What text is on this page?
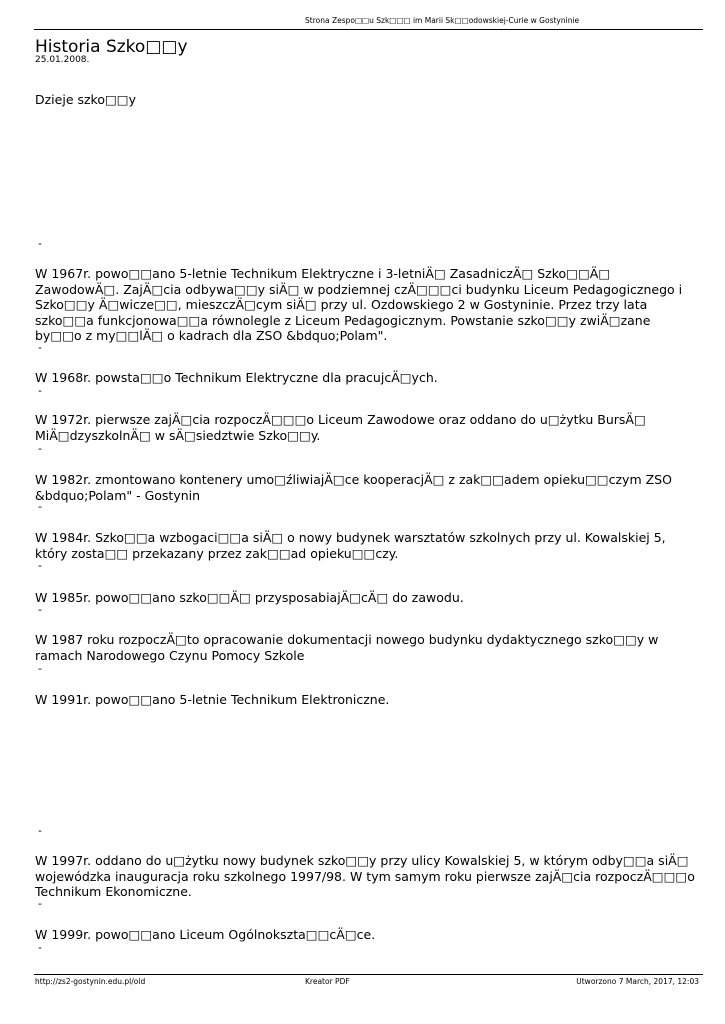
Strona Zespo□□u Szk□□□ im Marii Sk□□odowskiej-Curie w Gostyninie
Historia Szko□□y
25.01.2008.
Dzieje szko□□y
-
W 1967r. powo□□ano 5-letnie Technikum Elektryczne i 3-letniÄ□ ZasadniczÄ□ Szko□□Ä□ ZawodowÄ□. ZajÄ□cia odbywa□□y siÄ□ w podziemnej czÄ□□□ci budynku Liceum Pedagogicznego i Szko□□y Ä□wicze□□, mieszczÄ□cym siÄ□ przy ul. Ozdowskiego 2 w Gostyninie. Przez trzy lata szko□□a funkcjonowa□□a równolegle z Liceum Pedagogicznym. Powstanie szko□□y zwiÄ□zane by□□o z my□□lÄ□ o kadrach dla ZSO &bdquo;Polam".
-
W 1968r. powsta□□o Technikum Elektryczne dla pracujcÄ□ych.
-
W 1972r. pierwsze zajÄ□cia rozpoczÄ□□□o Liceum Zawodowe oraz oddano do u□żytku BursÄ□ MiÄ□dzyszkolnÄ□ w sÄ□siedztwie Szko□□y.
-
W 1982r. zmontowano kontenery umo□źliwiajÄ□ce kooperacjÄ□ z zak□□adem opieku□□czym ZSO &bdquo;Polam" - Gostynin
-
W 1984r. Szko□□a wzbogaci□□a siÄ□ o nowy budynek warsztatów szkolnych przy ul. Kowalskiej 5, który zosta□□ przekazany przez zak□□ad opieku□□czy.
-
W 1985r. powo□□ano szko□□Ä□ przysposabiajÄ□cÄ□ do zawodu.
-
W 1987 roku rozpoczÄ□to opracowanie dokumentacji nowego budynku dydaktycznego szko□□y w ramach Narodowego Czynu Pomocy Szkole
-
W 1991r. powo□□ano 5-letnie Technikum Elektroniczne.
-
W 1997r. oddano do u□żytku nowy budynek szko□□y przy ulicy Kowalskiej 5, w którym odby□□a siÄ□ wojewódzka inauguracja roku szkolnego 1997/98. W tym samym roku pierwsze zajÄ□cia rozpoczÄ□□□o Technikum Ekonomiczne.
-
W 1999r. powo□□ano Liceum Ogólnokszta□□cÄ□ce.
-
http://zs2-gostynin.edu.pl/old	Kreator PDF	Utworzono 7 March, 2017, 12:03
